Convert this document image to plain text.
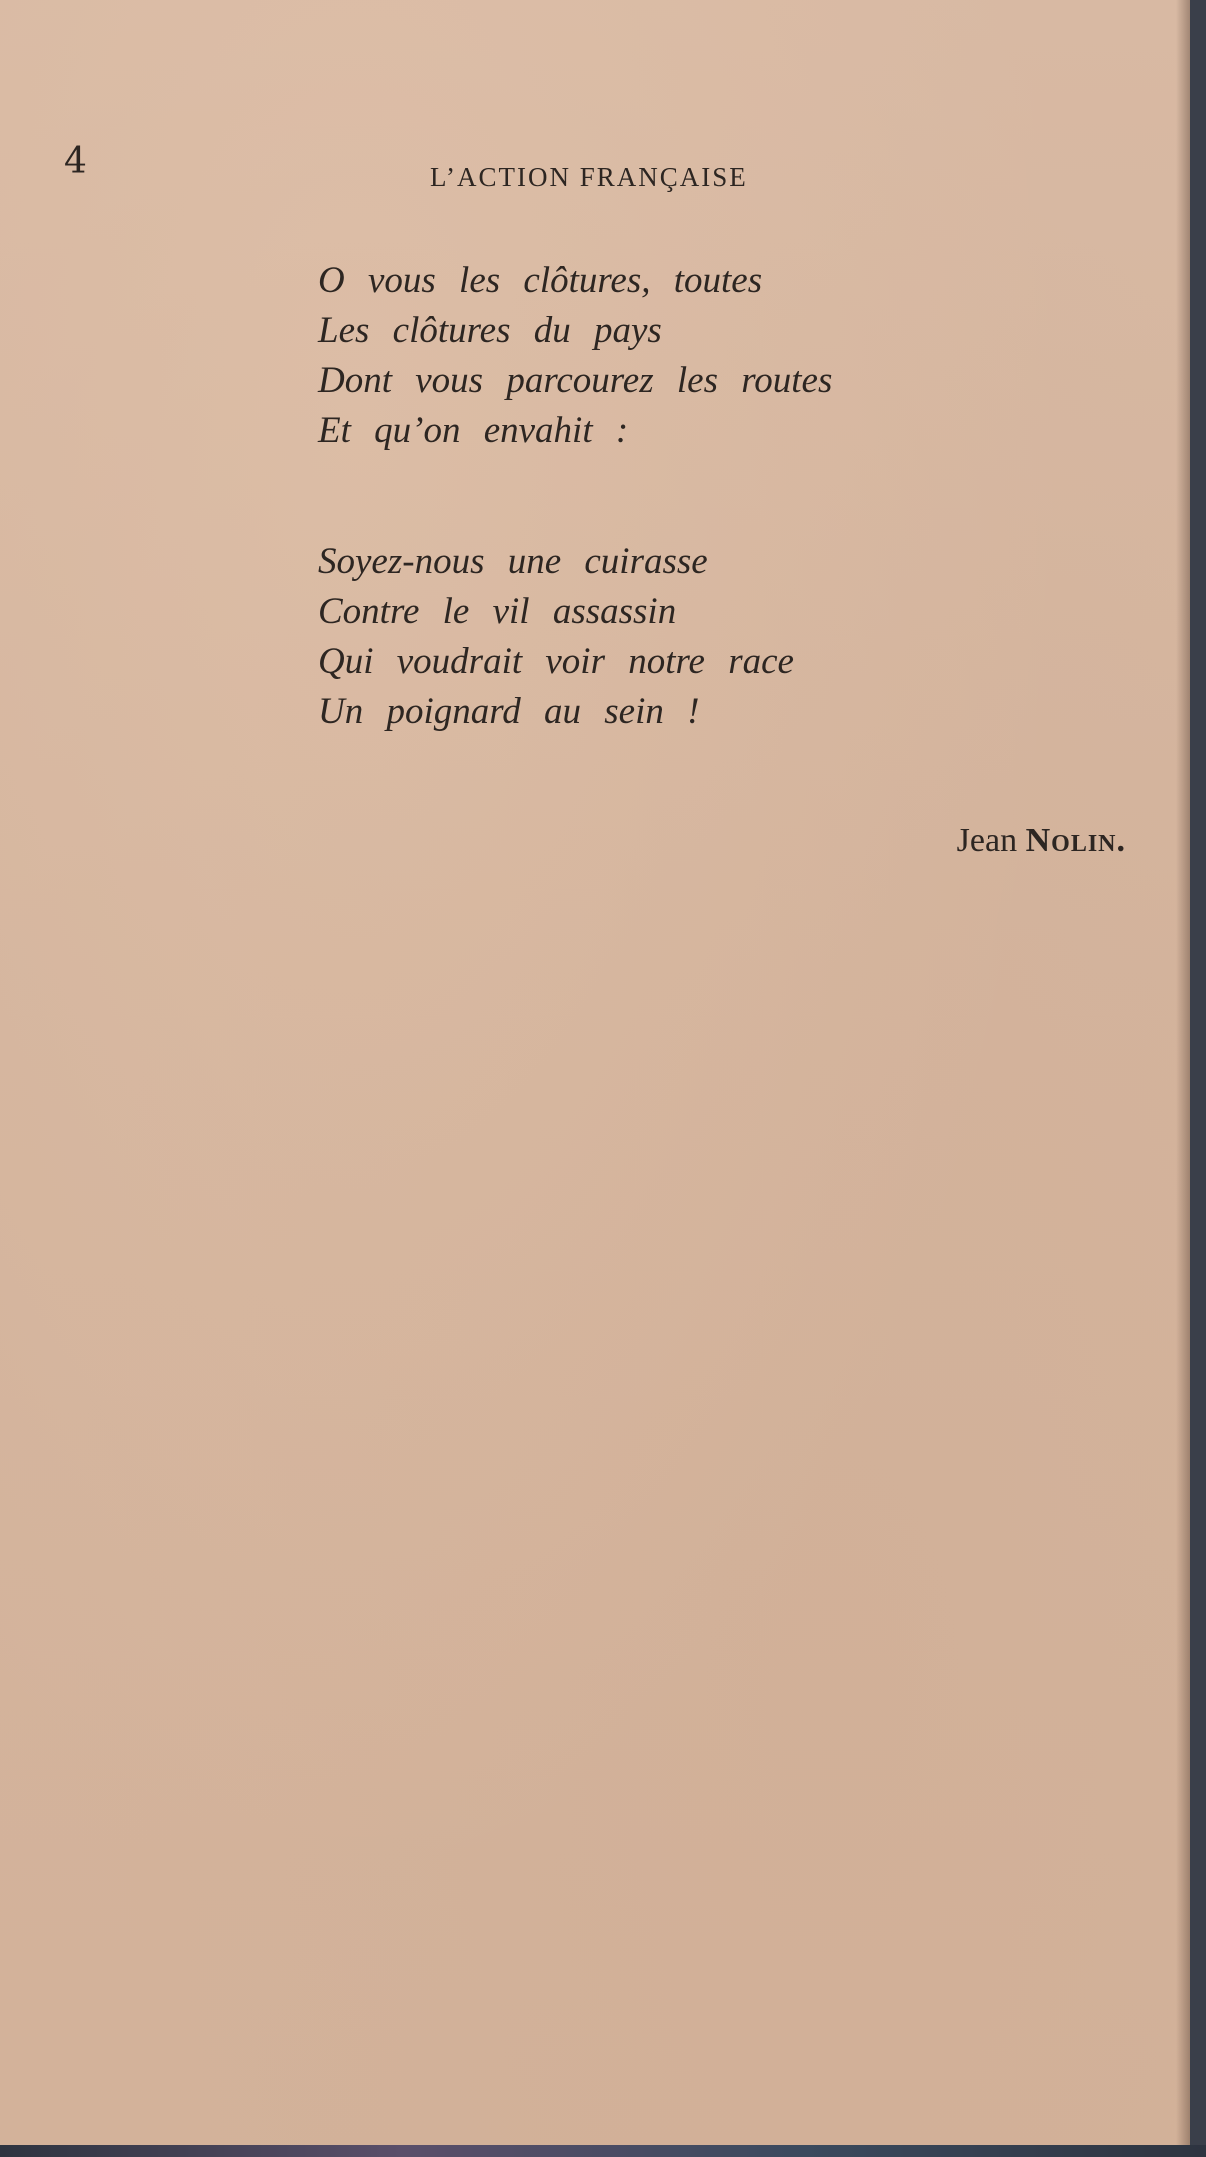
4	L’ACTION FRANÇAISE
O vous les clôtures, toutes
Les clôtures du pays
Dont vous parcourez les routes
Et qu’on envahit :
Soyez-nous une cuirasse
Contre le vil assassin
Qui voudrait voir notre race
Un poignard au sein !
Jean Nolin.
